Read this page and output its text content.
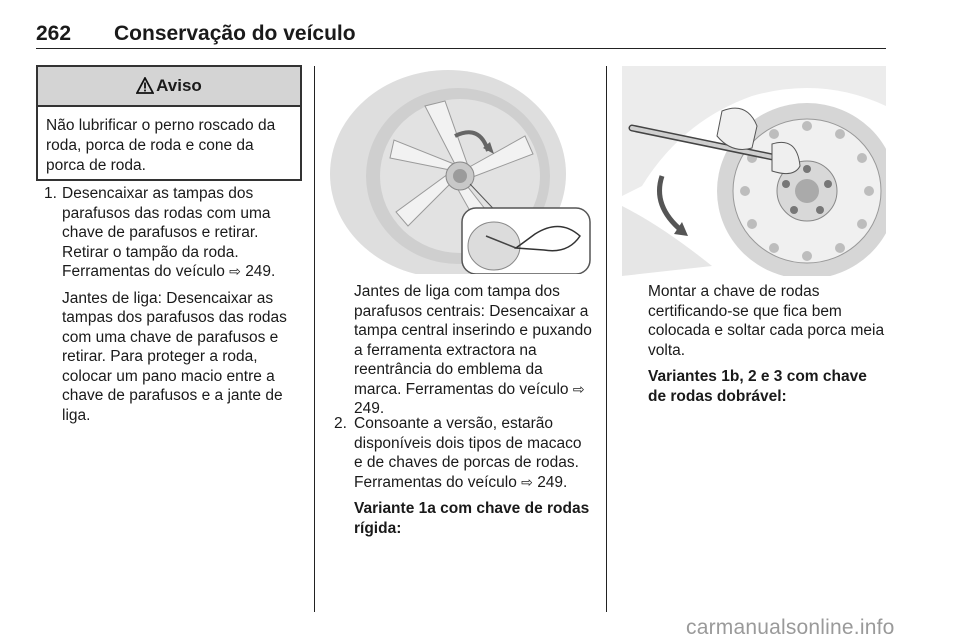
262 Conservação do veículo
Aviso
Não lubrificar o perno roscado da roda, porca de roda e cone da porca de roda.
1. Desencaixar as tampas dos parafusos das rodas com uma chave de parafusos e retirar. Retirar o tampão da roda. Ferramentas do veículo ⇨ 249.

Jantes de liga: Desencaixar as tampas dos parafusos das rodas com uma chave de parafusos e retirar. Para proteger a roda, colocar um pano macio entre a chave de parafusos e a jante de liga.

Jantes de liga com tampa dos parafusos centrais: Desencaixar a tampa central inserindo e puxando a ferramenta extractora na reentrância do emblema da marca. Ferramentas do veículo ⇨ 249.

2. Consoante a versão, estarão disponíveis dois tipos de macaco e de chaves de porcas de rodas. Ferramentas do veículo ⇨ 249.

Variante 1a com chave de rodas rígida:

Montar a chave de rodas certificando-se que fica bem colocada e soltar cada porca meia volta.

Variantes 1b, 2 e 3 com chave de rodas dobrável:

carmanualsonline.info
